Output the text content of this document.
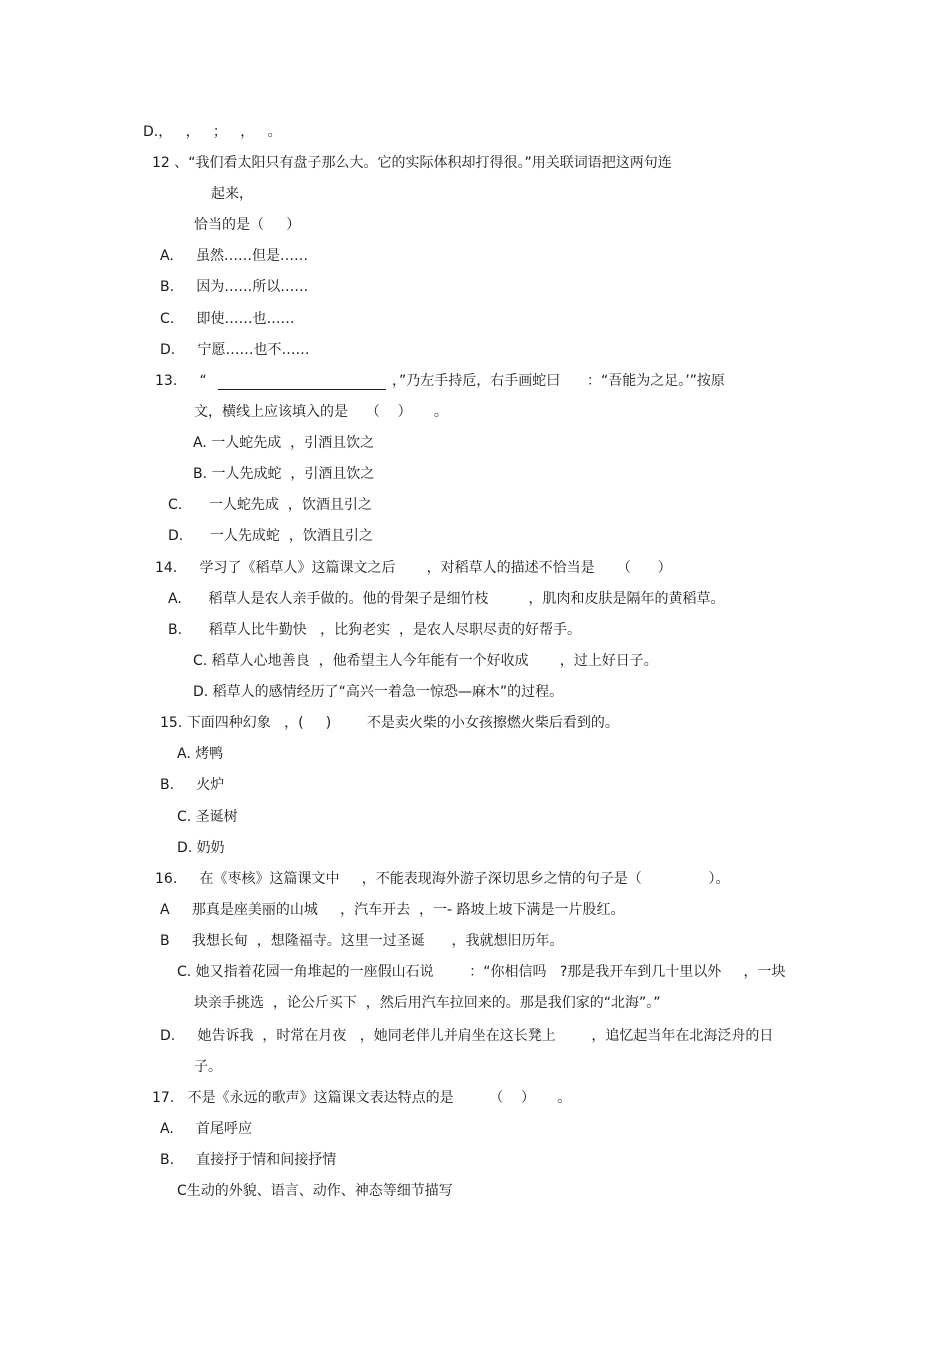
D.，   ，   ；   ，   。
12 、“我们看太阳只有盘子那么大。它的实际体积却打得很。”用关联词语把这两句连
起来，
恰当的是（     ）
A.     虽然……但是……
B.     因为……所以……
C.     即使……也……
D.     宁愿……也不……
13.     “	，”乃左手持卮，右手画蛇曰      ：“吾能为之足。’”按原
文，横线上应该填入的是    （    ）     。
A. 一人蛇先成  ，引酒且饮之
B. 一人先成蛇  ，引酒且饮之
C.      一人蛇先成  ，饮酒且引之
D.      一人先成蛇  ，饮酒且引之
14.     学习了《稻草人》这篇课文之后       ，对稻草人的描述不恰当是     （      ）
A.      稻草人是农人亲手做的。他的骨架子是细竹枝         ，肌肉和皮肤是隔年的黄稻草。
B.      稻草人比牛勤快   ，比狗老实  ，是农人尽职尽责的好帮手。
C. 稻草人心地善良  ，他希望主人今年能有一个好收成       ，过上好日子。
D. 稻草人的感情经历了“高兴一着急一惊恐—麻木”的过程。
15. 下面四种幻象   ，(     )        不是卖火柴的小女孩擦燃火柴后看到的。
A. 烤鸭
B.     火炉
C. 圣诞树
D. 奶奶
16.     在《枣核》这篇课文中     ，不能表现海外游子深切思乡之情的句子是（               ）。
A     那真是座美丽的山城     ，汽车开去  ，一- 路坡上坡下满是一片股红。
B     我想长甸  ，想隆福寺。这里一过圣诞      ，我就想旧历年。
C. 她又指着花园一角堆起的一座假山石说        ：“你相信吗   ?那是我开车到几十里以外     ，一块
块亲手挑选  ，论公斤买下  ，然后用汽车拉回来的。那是我们家的“北海”。”
D.     她告诉我  ，时常在月夜   ，她同老伴儿并肩坐在这长凳上        ，追忆起当年在北海泛舟的日
子。
17.   不是《永远的歌声》这篇课文表达特点的是        （    ）     。
A.     首尾呼应
B.     直接抒于情和间接抒情
C生动的外貌、语言、动作、神态等细节描写
